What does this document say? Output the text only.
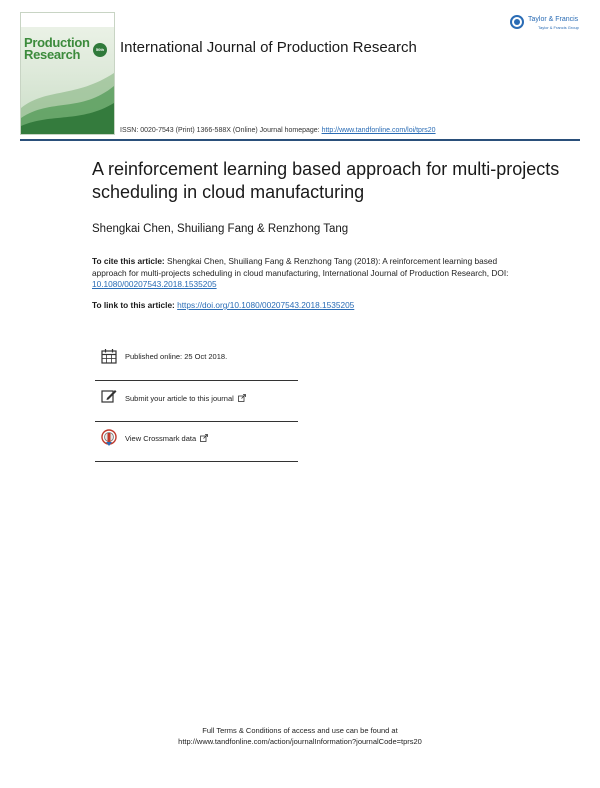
Production
Research	50th International Journal of Production Research
Taylor & Francis
Taylor & Francis Group
ISSN: 0020-7543 (Print) 1366-588X (Online) Journal homepage: http://www.tandfonline.com/loi/tprs20
A reinforcement learning based approach for multi-projects scheduling in cloud manufacturing
Shengkai Chen, Shuiliang Fang & Renzhong Tang
To cite this article: Shengkai Chen, Shuiliang Fang & Renzhong Tang (2018): A reinforcement learning based approach for multi-projects scheduling in cloud manufacturing, International Journal of Production Research, DOI: 10.1080/00207543.2018.1535205
To link to this article: https://doi.org/10.1080/00207543.2018.1535205
Published online: 25 Oct 2018.
Submit your article to this journal
View Crossmark data
Full Terms & Conditions of access and use can be found at
http://www.tandfonline.com/action/journalInformation?journalCode=tprs20
